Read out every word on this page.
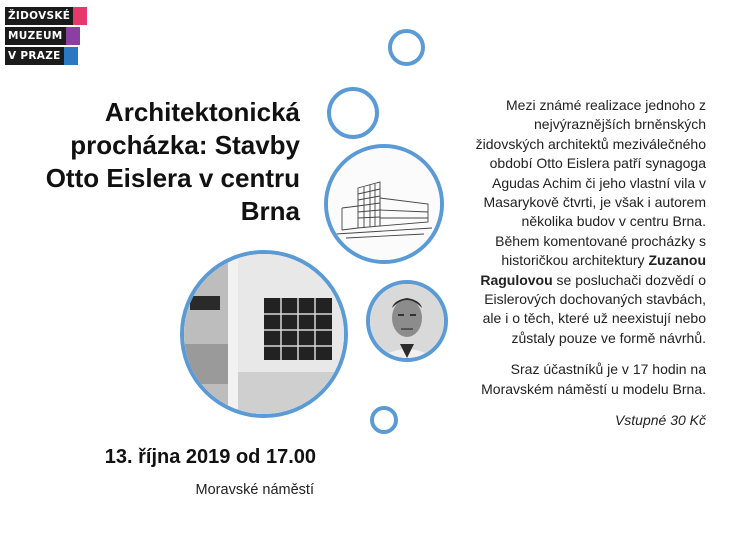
ŽIDOVSKÉ
MUZEUM
V PRAZE
Architektonická procházka: Stavby Otto Eislera v centru Brna
13. října 2019 od 17.00
Moravské náměstí

Mezi známé realizace jednoho z nejvýraznějších brněnských židovských architektů meziválečného období Otto Eislera patří synagoga Agudas Achim či jeho vlastní vila v Masarykově čtvrti, je však i autorem několika budov v centru Brna. Během komentované procházky s historičkou architektury Zuzanou Ragulovou se posluchači dozvědí o Eislerových dochovaných stavbách, ale i o těch, které už neexistují nebo zůstaly pouze ve formě návrhů.

Sraz účastníků je v 17 hodin na Moravském náměstí u modelu Brna.

Vstupné 30 Kč
